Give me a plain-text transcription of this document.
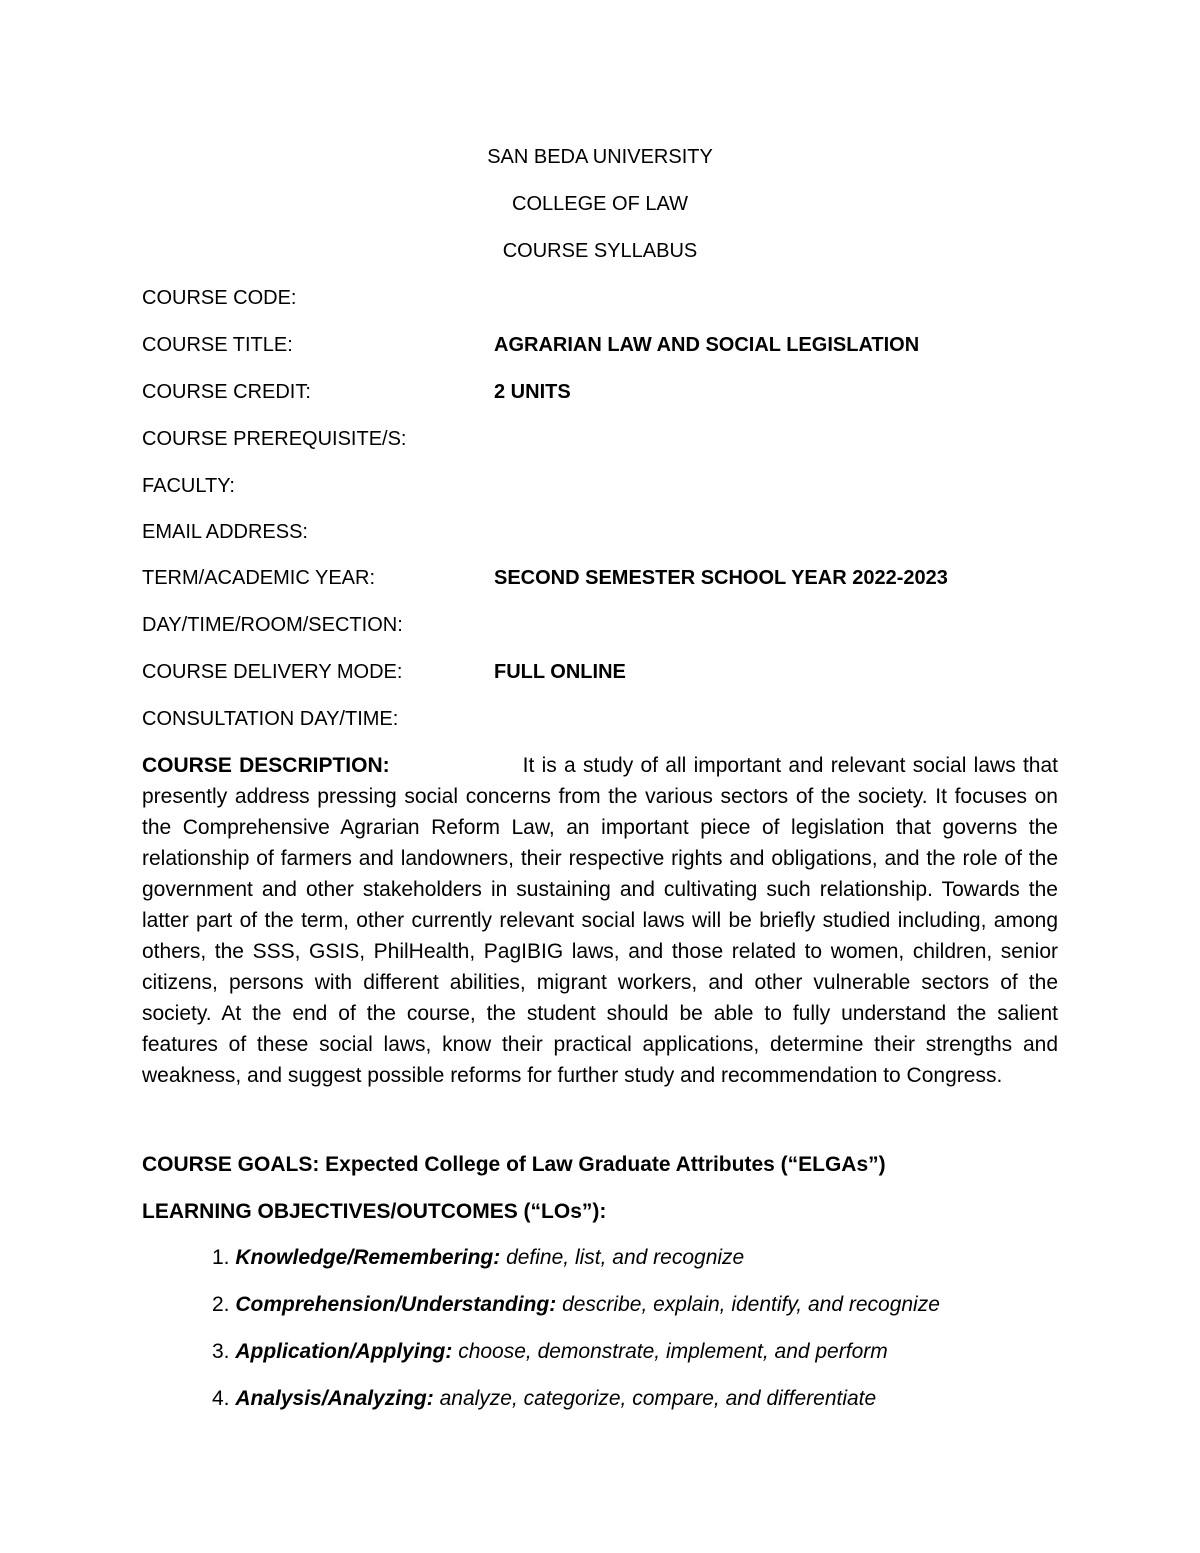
SAN BEDA UNIVERSITY
COLLEGE OF LAW
COURSE SYLLABUS
COURSE CODE:
COURSE TITLE:	AGRARIAN LAW AND SOCIAL LEGISLATION
COURSE CREDIT:	2 UNITS
COURSE PREREQUISITE/S:
FACULTY:
EMAIL ADDRESS:
TERM/ACADEMIC YEAR:	SECOND SEMESTER SCHOOL YEAR 2022-2023
DAY/TIME/ROOM/SECTION:
COURSE DELIVERY MODE:	FULL ONLINE
CONSULTATION DAY/TIME:
COURSE DESCRIPTION:	It is a study of all important and relevant social laws that presently address pressing social concerns from the various sectors of the society. It focuses on the Comprehensive Agrarian Reform Law, an important piece of legislation that governs the relationship of farmers and landowners, their respective rights and obligations, and the role of the government and other stakeholders in sustaining and cultivating such relationship. Towards the latter part of the term, other currently relevant social laws will be briefly studied including, among others, the SSS, GSIS, PhilHealth, PagIBIG laws, and those related to women, children, senior citizens, persons with different abilities, migrant workers, and other vulnerable sectors of the society. At the end of the course, the student should be able to fully understand the salient features of these social laws, know their practical applications, determine their strengths and weakness, and suggest possible reforms for further study and recommendation to Congress.
COURSE GOALS: Expected College of Law Graduate Attributes (“ELGAs”)
LEARNING OBJECTIVES/OUTCOMES (“LOs”):
1. Knowledge/Remembering: define, list, and recognize
2. Comprehension/Understanding: describe, explain, identify, and recognize
3. Application/Applying: choose, demonstrate, implement, and perform
4. Analysis/Analyzing: analyze, categorize, compare, and differentiate
